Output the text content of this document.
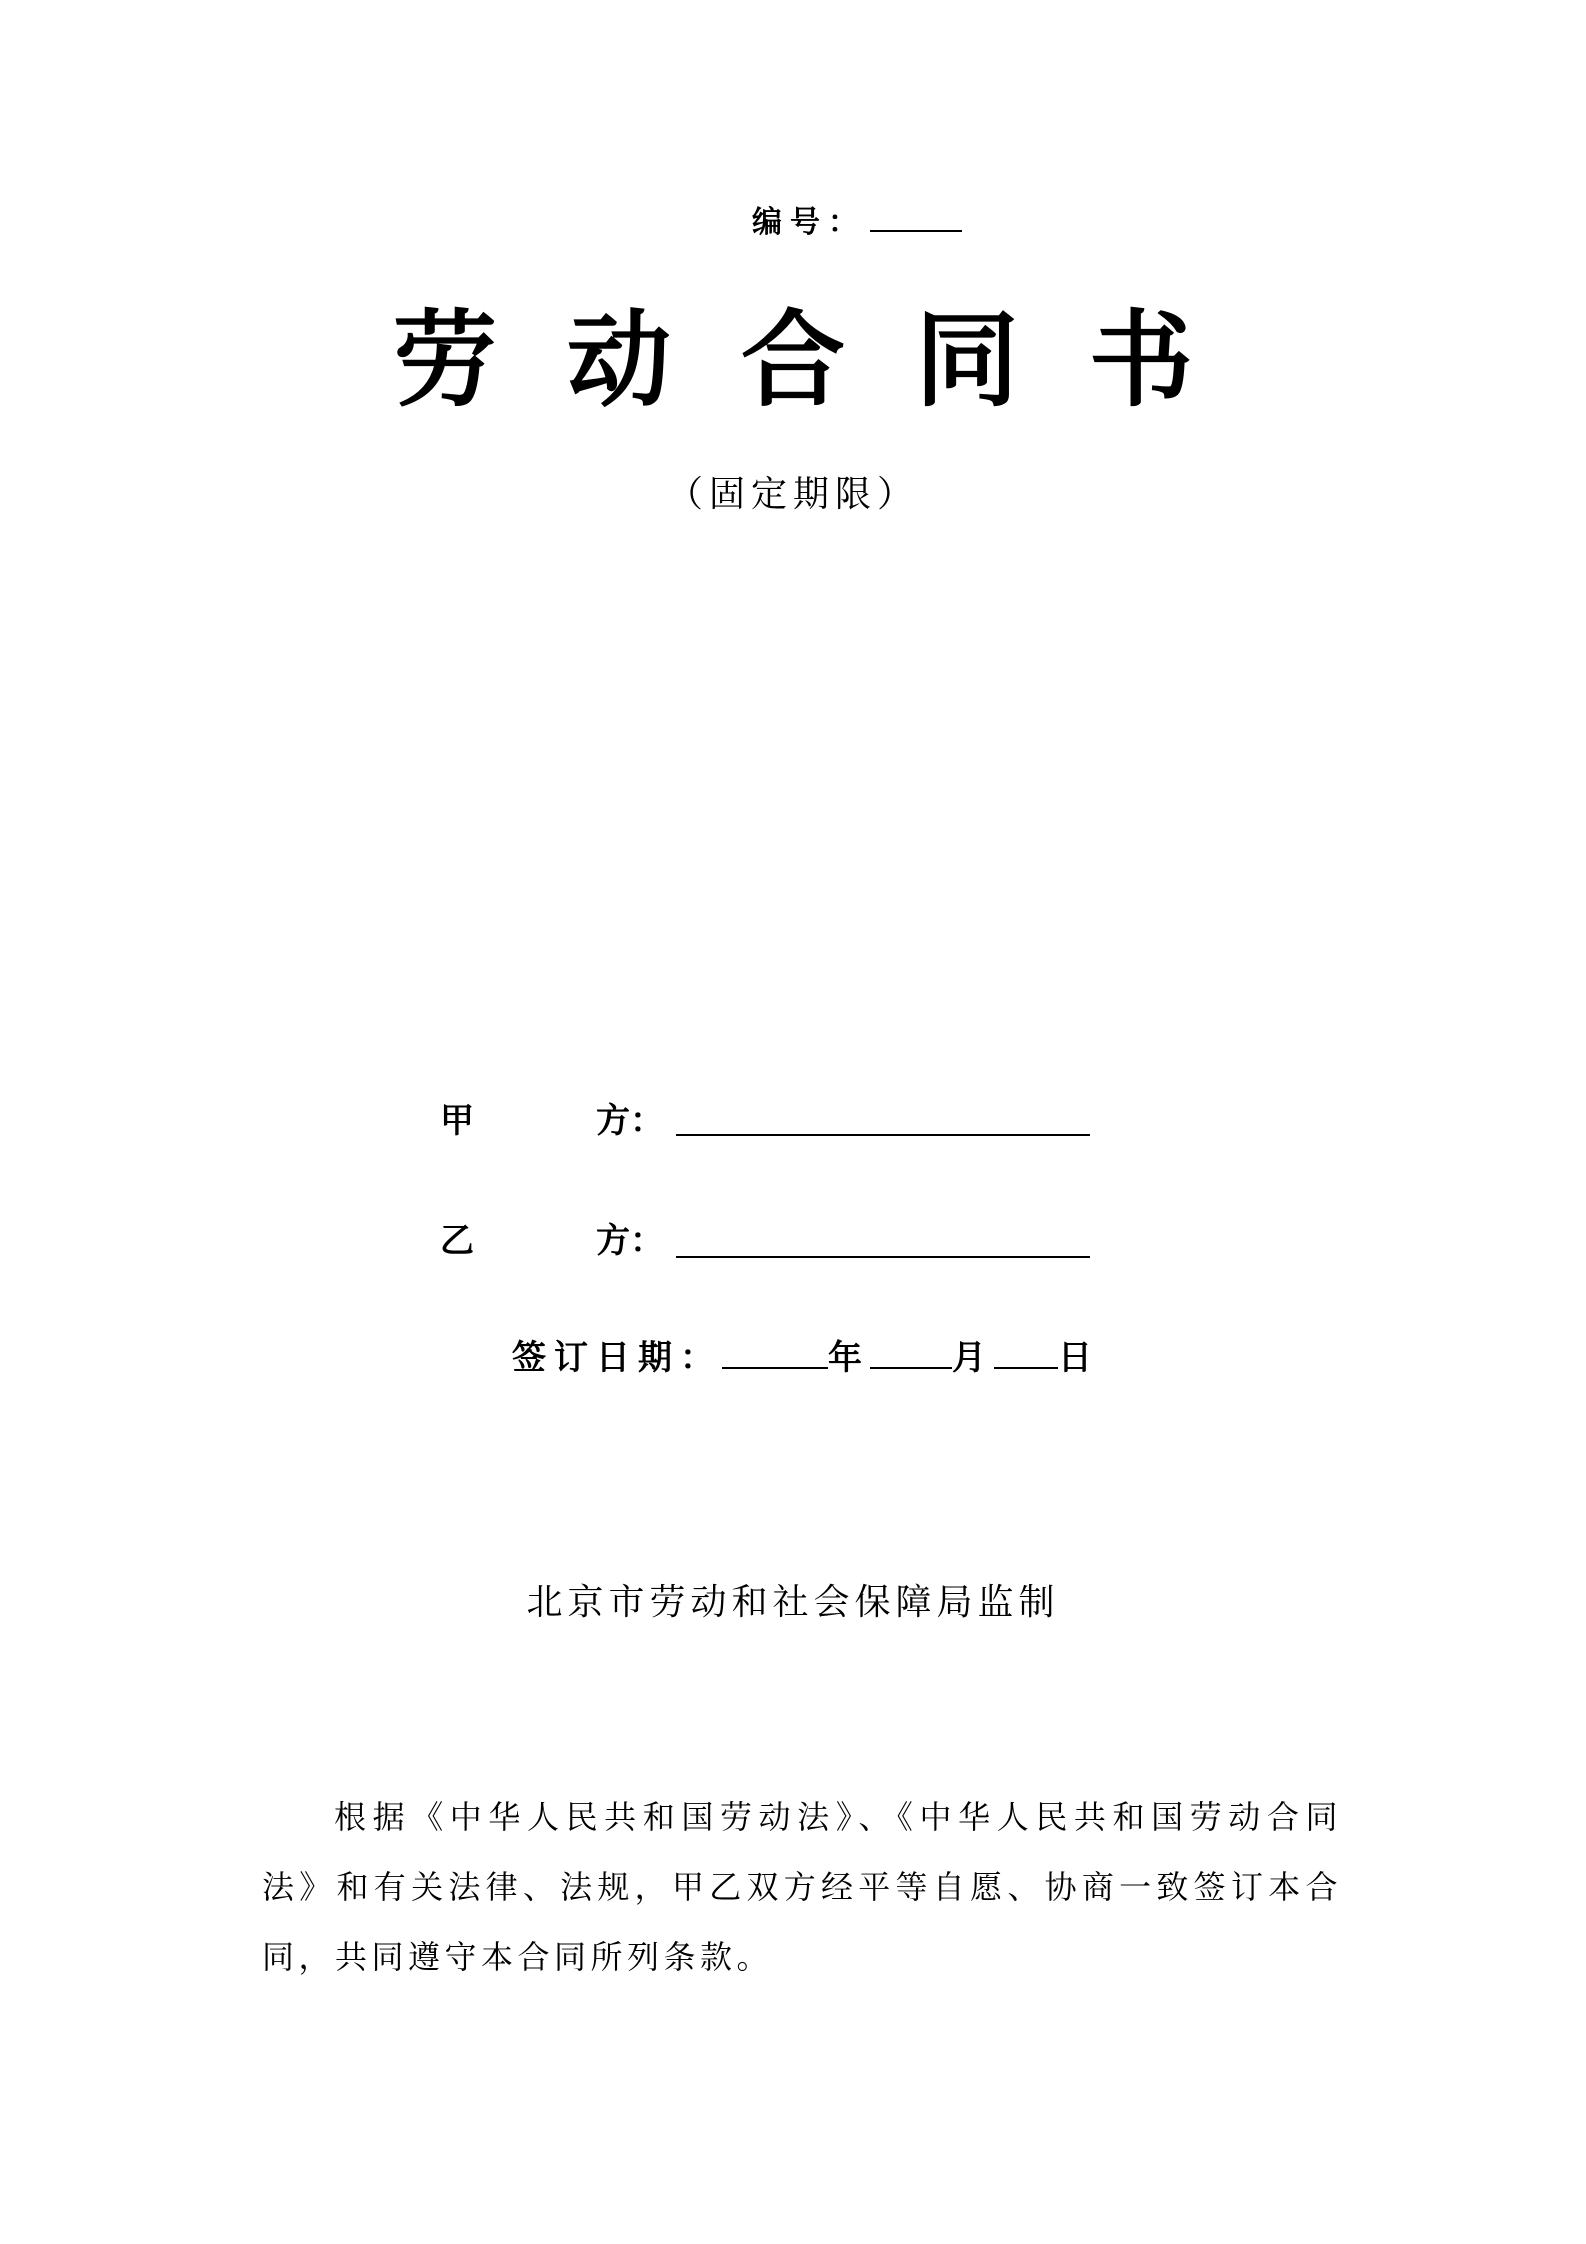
编号：
劳动合同书
（固定期限）
甲	方：
乙	方：
签订日期：	年 月 日
北京市劳动和社会保障局监制
根据《中华人民共和国劳动法》、《中华人民共和国劳动合同法》和有关法律、法规，甲乙双方经平等自愿、协商一致签订本合同，共同遵守本合同所列条款。
